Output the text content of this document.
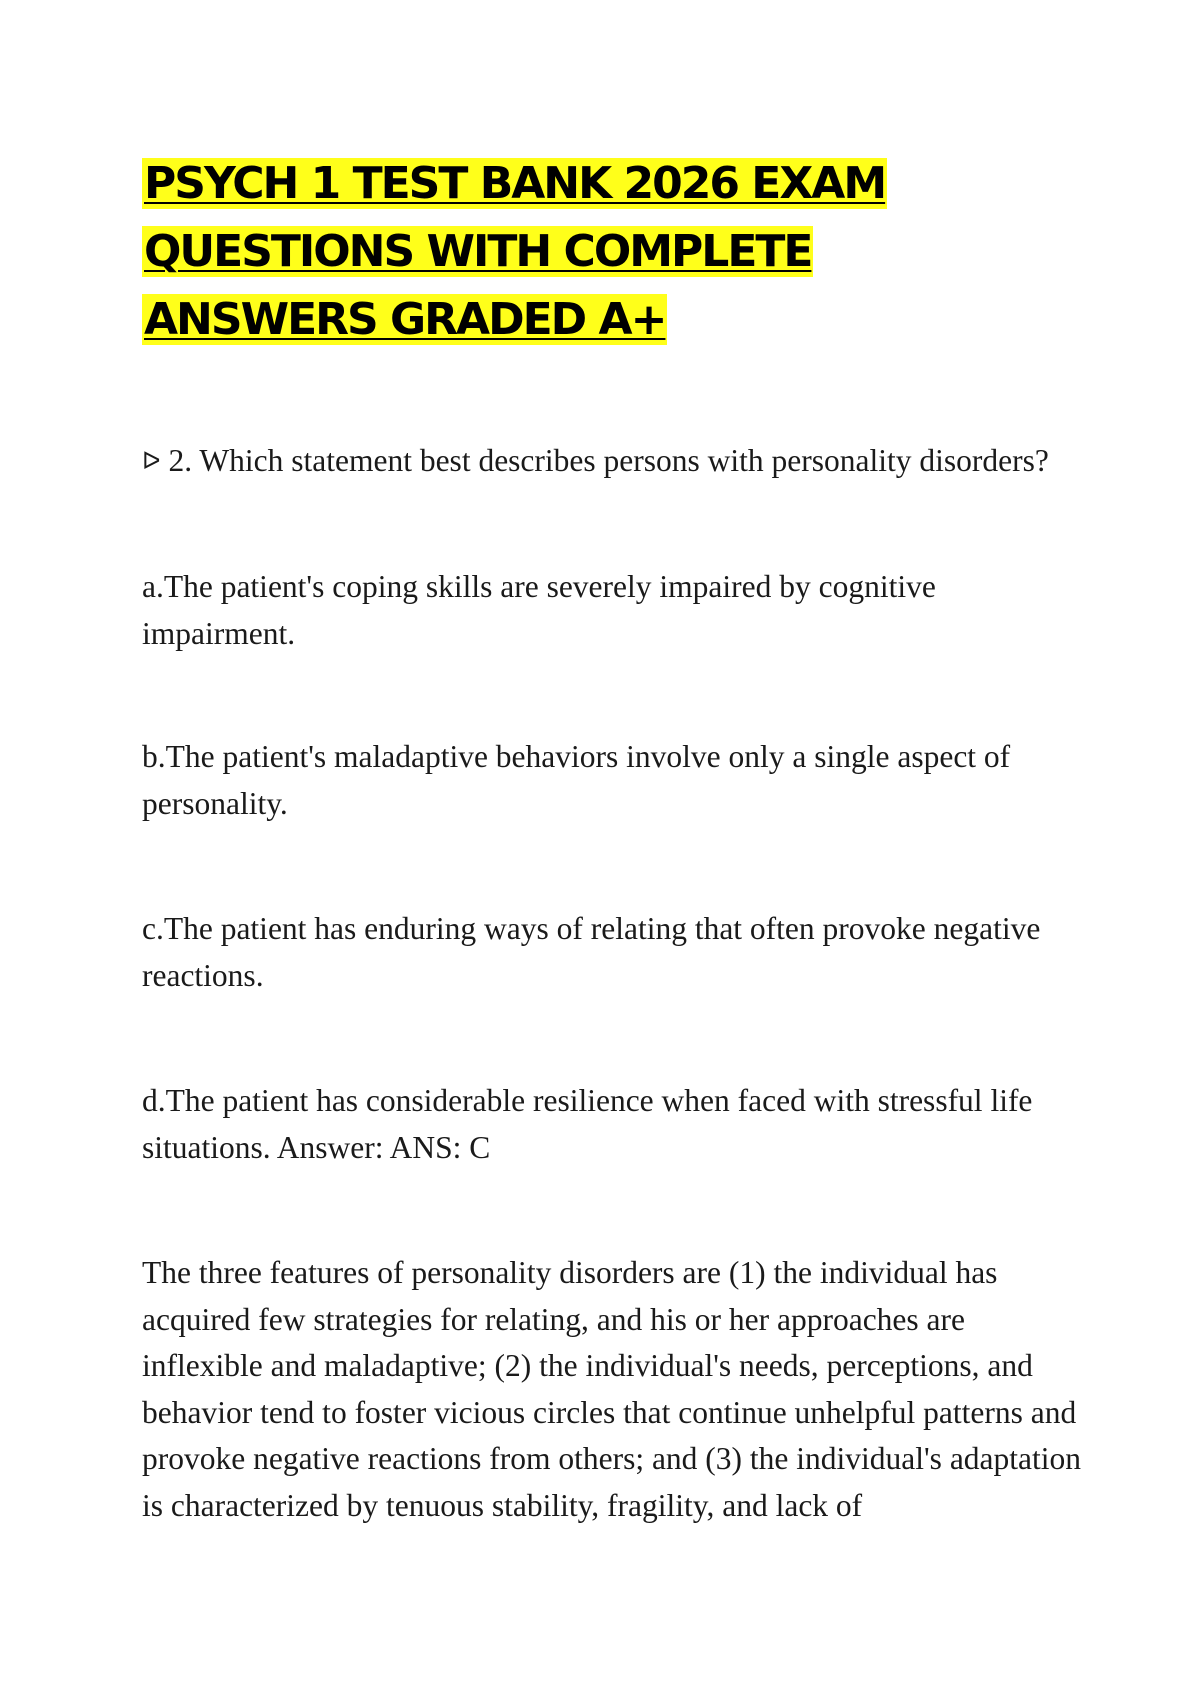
PSYCH 1 TEST BANK 2026 EXAM QUESTIONS WITH COMPLETE ANSWERS GRADED A+

ᐅ 2. Which statement best describes persons with personality disorders?

a.The patient's coping skills are severely impaired by cognitive impairment.

b.The patient's maladaptive behaviors involve only a single aspect of personality.

c.The patient has enduring ways of relating that often provoke negative reactions.

d.The patient has considerable resilience when faced with stressful life situations. Answer: ANS: C

The three features of personality disorders are (1) the individual has acquired few strategies for relating, and his or her approaches are inflexible and maladaptive; (2) the individual's needs, perceptions, and behavior tend to foster vicious circles that continue unhelpful patterns and provoke negative reactions from others; and (3) the individual's adaptation is characterized by tenuous stability, fragility, and lack of
